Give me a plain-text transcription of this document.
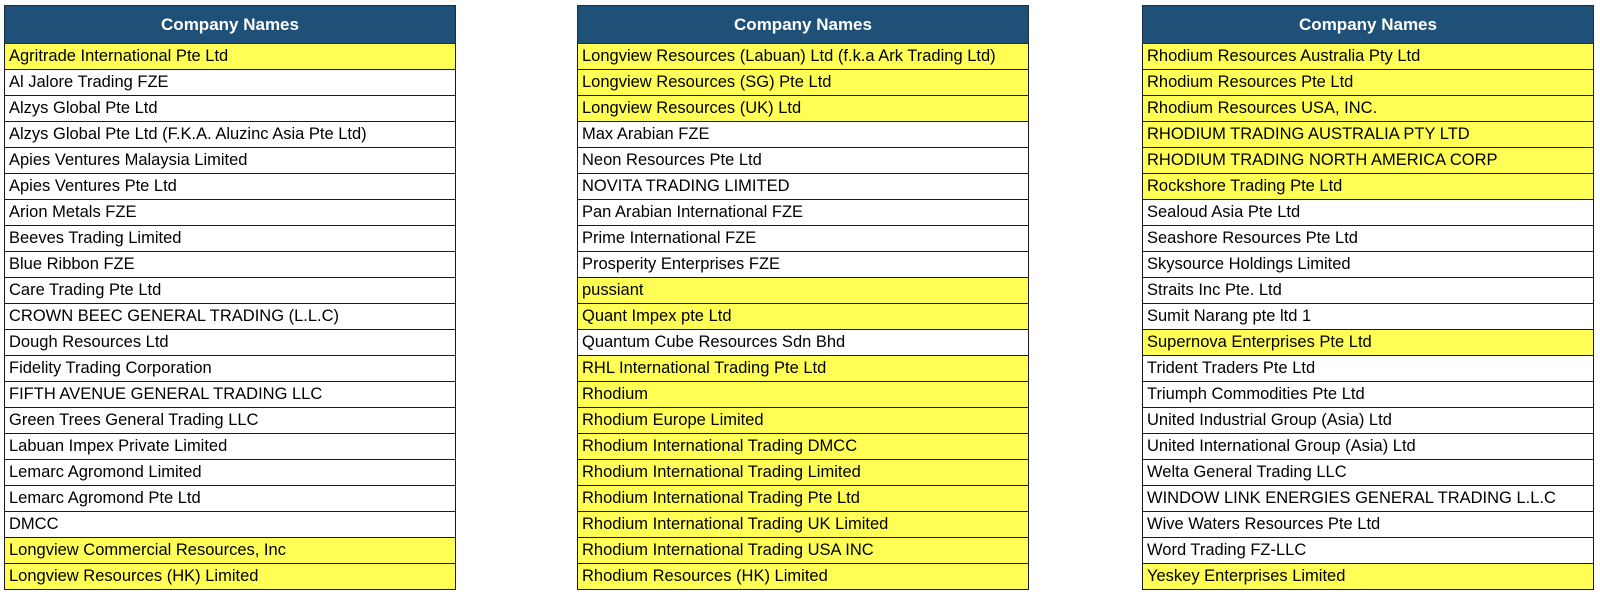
Company Names
Agritrade International Pte Ltd
Al Jalore Trading FZE
Alzys Global Pte Ltd
Alzys Global Pte Ltd (F.K.A. Aluzinc Asia Pte Ltd)
Apies Ventures Malaysia Limited
Apies Ventures Pte Ltd
Arion Metals FZE
Beeves Trading Limited
Blue Ribbon FZE
Care Trading Pte Ltd
CROWN BEEC GENERAL TRADING (L.L.C)
Dough Resources Ltd
Fidelity Trading Corporation
FIFTH AVENUE GENERAL TRADING LLC
Green Trees General Trading LLC
Labuan Impex Private Limited
Lemarc Agromond Limited
Lemarc Agromond Pte Ltd
DMCC
Longview Commercial Resources, Inc
Longview Resources (HK) Limited
Company Names
Longview Resources (Labuan) Ltd (f.k.a Ark Trading Ltd)
Longview Resources (SG) Pte Ltd
Longview Resources (UK) Ltd
Max Arabian FZE
Neon Resources Pte Ltd
NOVITA TRADING LIMITED
Pan Arabian International FZE
Prime International FZE
Prosperity Enterprises FZE
pussiant
Quant Impex pte Ltd
Quantum Cube Resources Sdn Bhd
RHL International Trading Pte Ltd
Rhodium
Rhodium Europe Limited
Rhodium International Trading DMCC
Rhodium International Trading Limited
Rhodium International Trading Pte Ltd
Rhodium International Trading UK Limited
Rhodium International Trading USA INC
Rhodium Resources (HK) Limited
Company Names
Rhodium Resources Australia Pty Ltd
Rhodium Resources Pte Ltd
Rhodium Resources USA, INC.
RHODIUM TRADING AUSTRALIA PTY LTD
RHODIUM TRADING NORTH AMERICA CORP
Rockshore Trading Pte Ltd
Sealoud Asia Pte Ltd
Seashore Resources Pte Ltd
Skysource Holdings Limited
Straits Inc Pte. Ltd
Sumit Narang pte ltd 1
Supernova Enterprises Pte Ltd
Trident Traders Pte Ltd
Triumph Commodities Pte Ltd
United Industrial Group (Asia) Ltd
United International Group (Asia) Ltd
Welta General Trading LLC
WINDOW LINK ENERGIES GENERAL TRADING L.L.C
Wive Waters Resources Pte Ltd
Word Trading FZ-LLC
Yeskey Enterprises Limited
